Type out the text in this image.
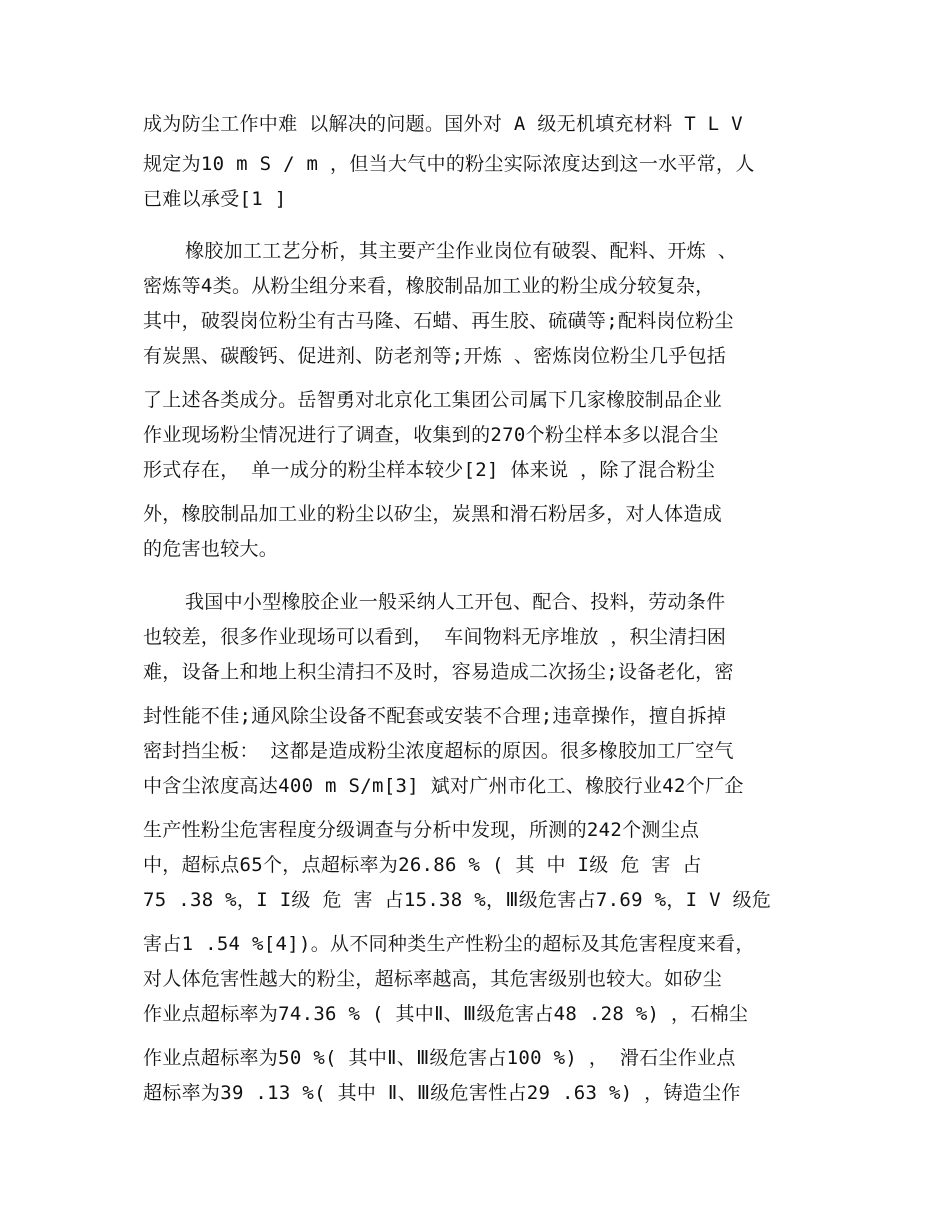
成为防尘工作中难 以解决的问题。国外对 A 级无机填充材料 T L V
规定为10 m S / m ，但当大气中的粉尘实际浓度达到这一水平常，人
已难以承受[1 ]
橡胶加工工艺分析，其主要产尘作业岗位有破裂、配料、开炼 、
密炼等4类。从粉尘组分来看，橡胶制品加工业的粉尘成分较复杂，
其中，破裂岗位粉尘有古马隆、石蜡、再生胶、硫磺等;配料岗位粉尘
有炭黑、碳酸钙、促进剂、防老剂等;开炼 、密炼岗位粉尘几乎包括
了上述各类成分。岳智勇对北京化工集团公司属下几家橡胶制品企业
作业现场粉尘情况进行了调查，收集到的270个粉尘样本多以混合尘
形式存在， 单一成分的粉尘样本较少[2] 体来说 ，除了混合粉尘
外，橡胶制品加工业的粉尘以矽尘，炭黑和滑石粉居多，对人体造成
的危害也较大。
我国中小型橡胶企业一般采纳人工开包、配合、投料，劳动条件
也较差，很多作业现场可以看到， 车间物料无序堆放 ，积尘清扫困
难，设备上和地上积尘清扫不及时，容易造成二次扬尘;设备老化，密
封性能不佳;通风除尘设备不配套或安装不合理;违章操作，擅自拆掉
密封挡尘板： 这都是造成粉尘浓度超标的原因。很多橡胶加工厂空气
中含尘浓度高达400 m S/m[3] 斌对广州市化工、橡胶行业42个厂企
生产性粉尘危害程度分级调查与分析中发现，所测的242个测尘点
中，超标点65个，点超标率为26.86 % ( 其 中 I级 危 害 占
75 .38 %，I I级 危 害 占15.38 %，Ⅲ级危害占7.69 %，I V 级危
害占1 .54 %[4])。从不同种类生产性粉尘的超标及其危害程度来看，
对人体危害性越大的粉尘，超标率越高，其危害级别也较大。如矽尘
作业点超标率为74.36 % ( 其中Ⅱ、Ⅲ级危害占48 .28 %) ，石棉尘
作业点超标率为50 %( 其中Ⅱ、Ⅲ级危害占100 %) ， 滑石尘作业点
超标率为39 .13 %( 其中 Ⅱ、Ⅲ级危害性占29 .63 %) ，铸造尘作
